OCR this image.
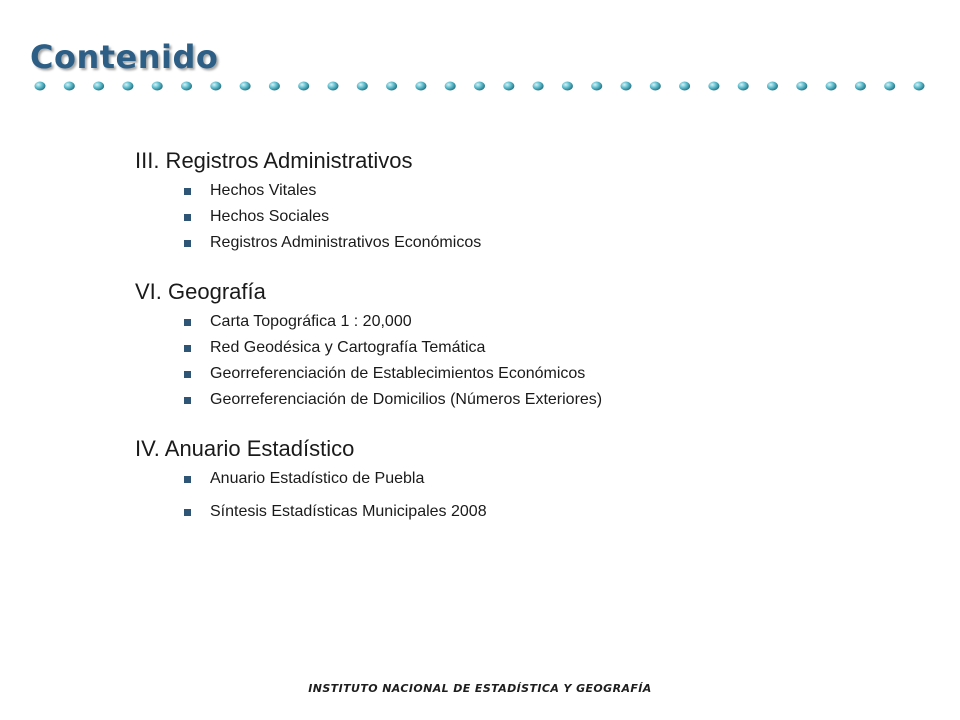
Contenido
III. Registros Administrativos
Hechos Vitales
Hechos Sociales
Registros Administrativos Económicos
VI. Geografía
Carta Topográfica 1 : 20,000
Red Geodésica y Cartografía Temática
Georreferenciación de Establecimientos Económicos
Georreferenciación de Domicilios (Números Exteriores)
IV. Anuario Estadístico
Anuario Estadístico de Puebla
Síntesis Estadísticas Municipales 2008
INSTITUTO NACIONAL DE ESTADÍSTICA Y GEOGRAFÍA
